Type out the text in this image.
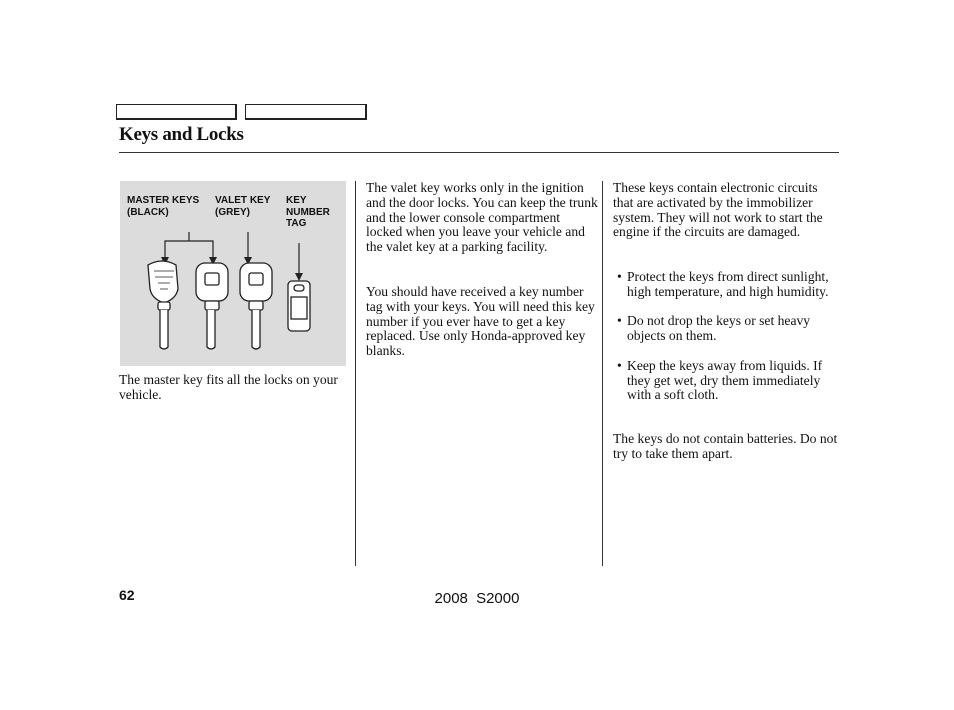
Keys and Locks
MASTER KEYS
(BLACK)
VALET KEY
(GREY)
KEY
NUMBER
TAG

The master key fits all the locks on your vehicle.

The valet key works only in the ignition and the door locks. You can keep the trunk and the lower console compartment locked when you leave your vehicle and the valet key at a parking facility.

You should have received a key number tag with your keys. You will need this key number if you ever have to get a key replaced. Use only Honda-approved key blanks.

These keys contain electronic circuits that are activated by the immobilizer system. They will not work to start the engine if the circuits are damaged.

• Protect the keys from direct sunlight, high temperature, and high humidity.
• Do not drop the keys or set heavy objects on them.
• Keep the keys away from liquids. If they get wet, dry them immediately with a soft cloth.

The keys do not contain batteries. Do not try to take them apart.

62	2008 S2000
